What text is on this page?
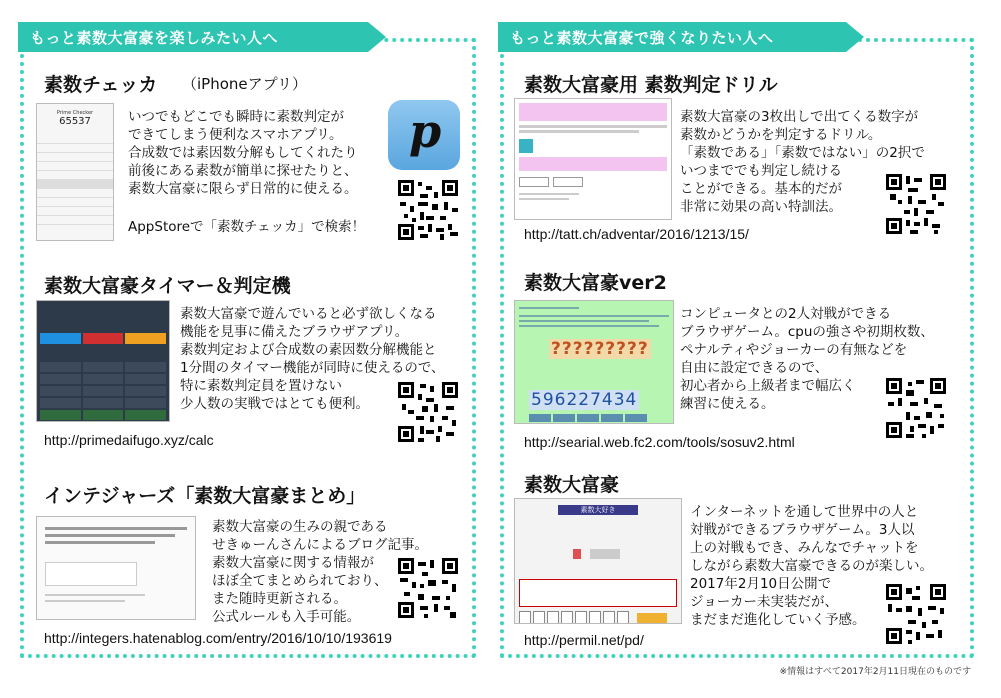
もっと素数大富豪を楽しみたい人へ
素数チェッカ （iPhoneアプリ）
Prime Checker
65537	いつでもどこでも瞬時に素数判定が
できてしまう便利なスマホアプリ。
合成数では素因数分解もしてくれたり
前後にある素数が簡単に探せたりと、
素数大富豪に限らず日常的に使える。
p
AppStoreで「素数チェッカ」で検索！
素数大富豪タイマー＆判定機
素数大富豪で遊んでいると必ず欲しくなる
機能を見事に備えたブラウザアプリ。
素数判定および合成数の素因数分解機能と
1分間のタイマー機能が同時に使えるので、
特に素数判定員を置けない
少人数の実戦ではとても便利。
http://primedaifugo.xyz/calc
インテジャーズ「素数大富豪まとめ」
素数大富豪の生みの親である
せきゅーんさんによるブログ記事。
素数大富豪に関する情報が
ほぼ全てまとめられており、
また随時更新される。
公式ルールも入手可能。
http://integers.hatenablog.com/entry/2016/10/10/193619
もっと素数大富豪で強くなりたい人へ
素数大富豪用 素数判定ドリル
素数大富豪の3枚出しで出てくる数字が
素数かどうかを判定するドリル。
「素数である」「素数ではない」の2択で
いつまででも判定し続ける
ことができる。基本的だが
非常に効果の高い特訓法。
http://tatt.ch/adventar/2016/1213/15/
素数大富豪ver2
?????????
596227434
コンピュータとの2人対戦ができる
ブラウザゲーム。cpuの強さや初期枚数、
ペナルティやジョーカーの有無などを
自由に設定できるので、
初心者から上級者まで幅広く
練習に使える。
http://searial.web.fc2.com/tools/sosuv2.html
素数大富豪
素数大好き
	インターネットを通して世界中の人と
対戦ができるブラウザゲーム。3人以
上の対戦もでき、みんなでチャットを
しながら素数大富豪できるのが楽しい。
2017年2月10日公開で
ジョーカー未実装だが、
まだまだ進化していく予感。
http://permil.net/pd/
※情報はすべて2017年2月11日現在のものです
